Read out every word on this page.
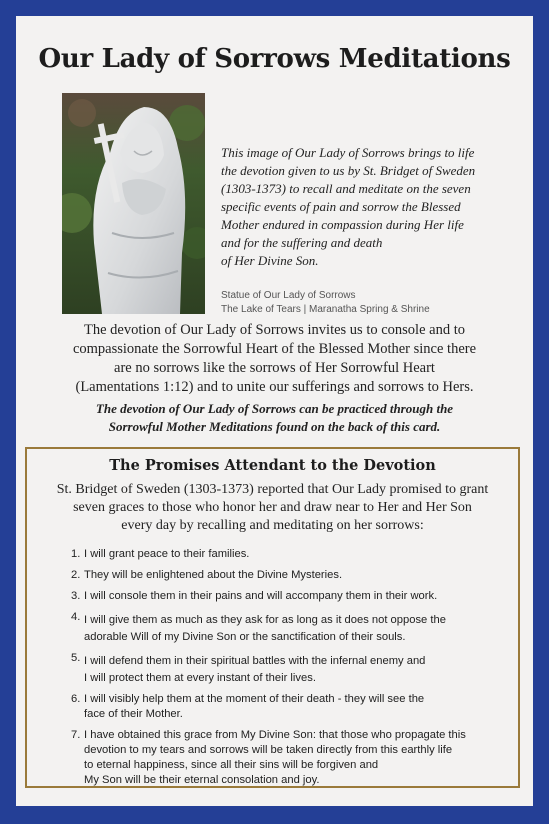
Our Lady of Sorrows Meditations
This image of Our Lady of Sorrows brings to life
the devotion given to us by St. Bridget of Sweden
(1303-1373) to recall and meditate on the seven
specific events of pain and sorrow the Blessed
Mother endured in compassion during Her life
and for the suffering and death
of Her Divine Son.
Statue of Our Lady of Sorrows
The Lake of Tears | Maranatha Spring & Shrine
The devotion of Our Lady of Sorrows invites us to console and to
compassionate the Sorrowful Heart of the Blessed Mother since there
are no sorrows like the sorrows of Her Sorrowful Heart
(Lamentations 1:12) and to unite our sufferings and sorrows to Hers.
The devotion of Our Lady of Sorrows can be practiced through the
Sorrowful Mother Meditations found on the back of this card.
The Promises Attendant to the Devotion
St. Bridget of Sweden (1303-1373) reported that Our Lady promised to grant
seven graces to those who honor her and draw near to Her and Her Son
every day by recalling and meditating on her sorrows:
1. I will grant peace to their families.
2. They will be enlightened about the Divine Mysteries.
3. I will console them in their pains and will accompany them in their work.
4. I will give them as much as they ask for as long as it does not oppose the
adorable Will of my Divine Son or the sanctification of their souls.
5. I will defend them in their spiritual battles with the infernal enemy and
I will protect them at every instant of their lives.
6. I will visibly help them at the moment of their death - they will see the
face of their Mother.
7. I have obtained this grace from My Divine Son: that those who propagate this
devotion to my tears and sorrows will be taken directly from this earthly life
to eternal happiness, since all their sins will be forgiven and
My Son will be their eternal consolation and joy.
